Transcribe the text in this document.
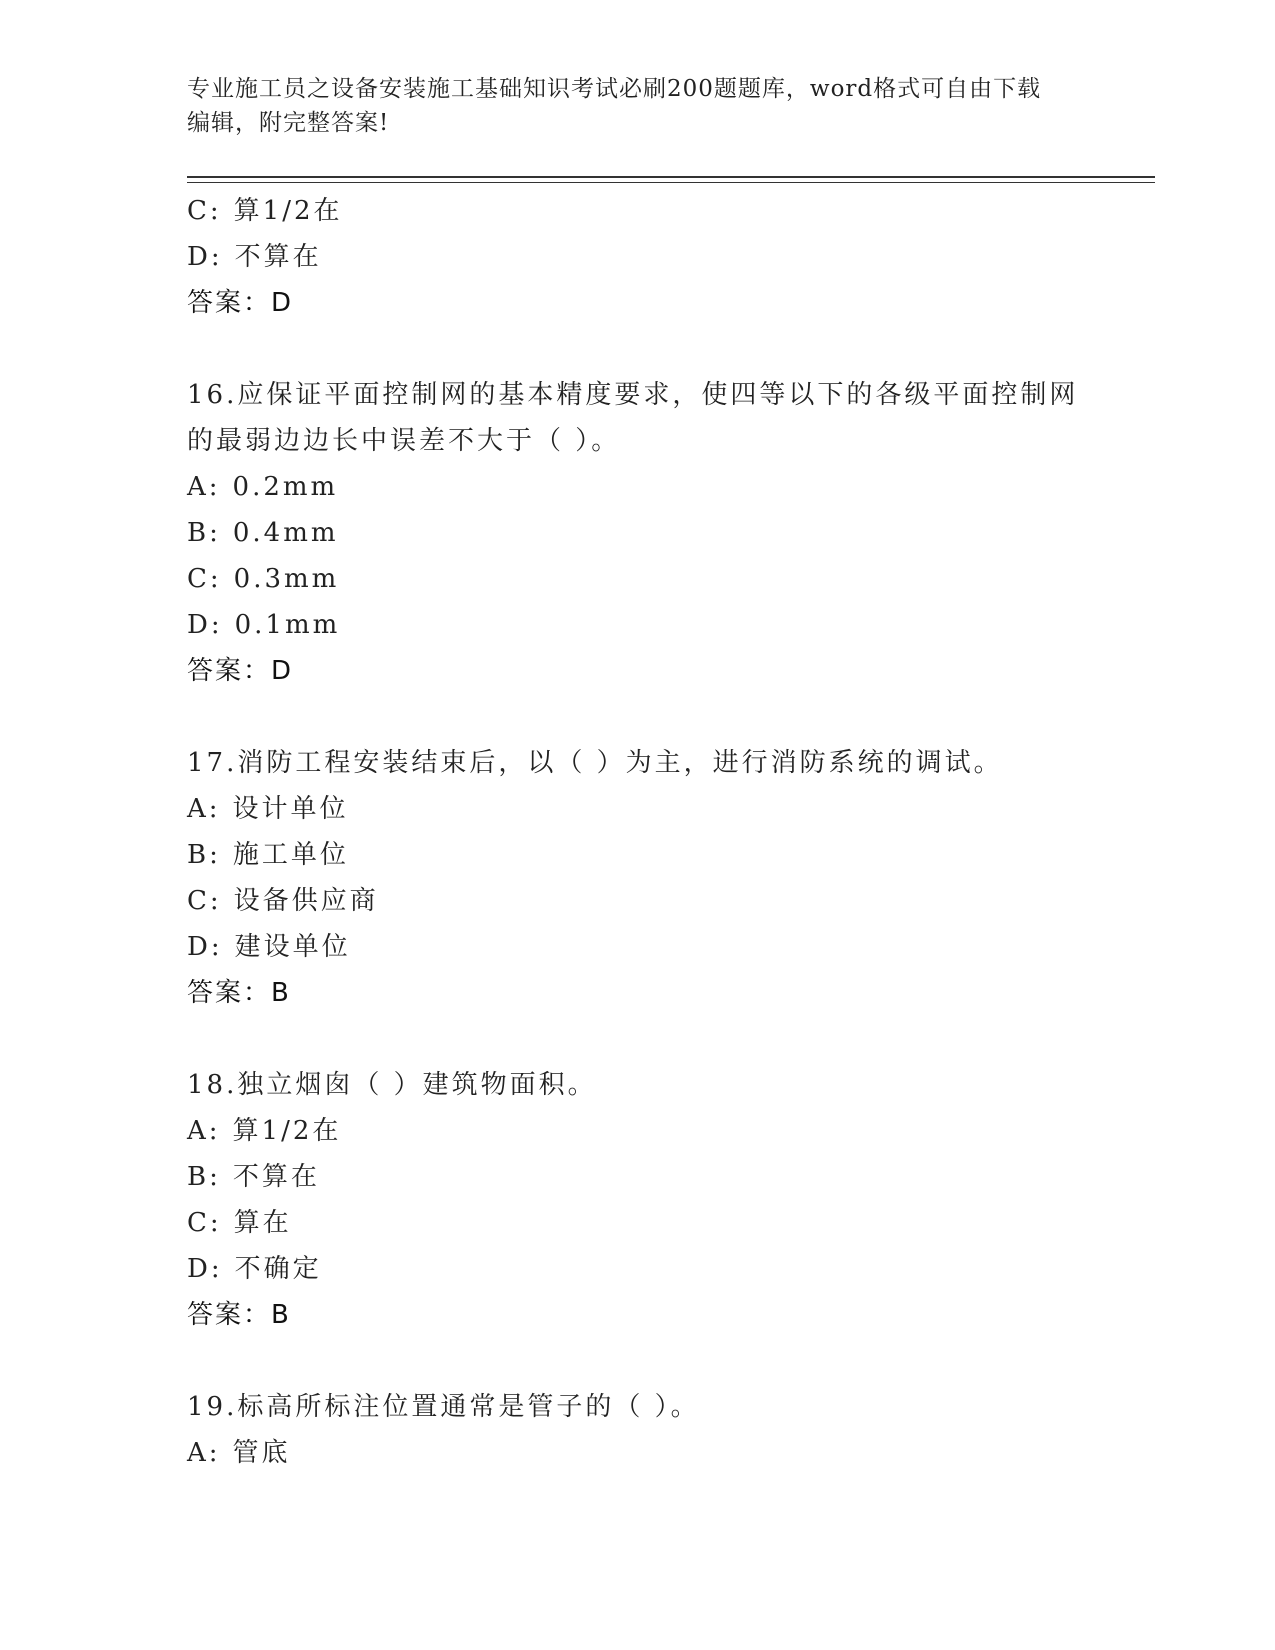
专业施工员之设备安装施工基础知识考试必刷200题题库，word格式可自由下载
编辑，附完整答案!
C: 算1/2在
D: 不算在
答案：D
16.应保证平面控制网的基本精度要求，使四等以下的各级平面控制网
的最弱边边长中误差不大于（ ）。
A: 0.2mm
B: 0.4mm
C: 0.3mm
D: 0.1mm
答案：D
17.消防工程安装结束后，以（ ）为主，进行消防系统的调试。
A: 设计单位
B: 施工单位
C: 设备供应商
D: 建设单位
答案：B
18.独立烟囱（ ）建筑物面积。
A: 算1/2在
B: 不算在
C: 算在
D: 不确定
答案：B
19.标高所标注位置通常是管子的（ ）。
A: 管底
